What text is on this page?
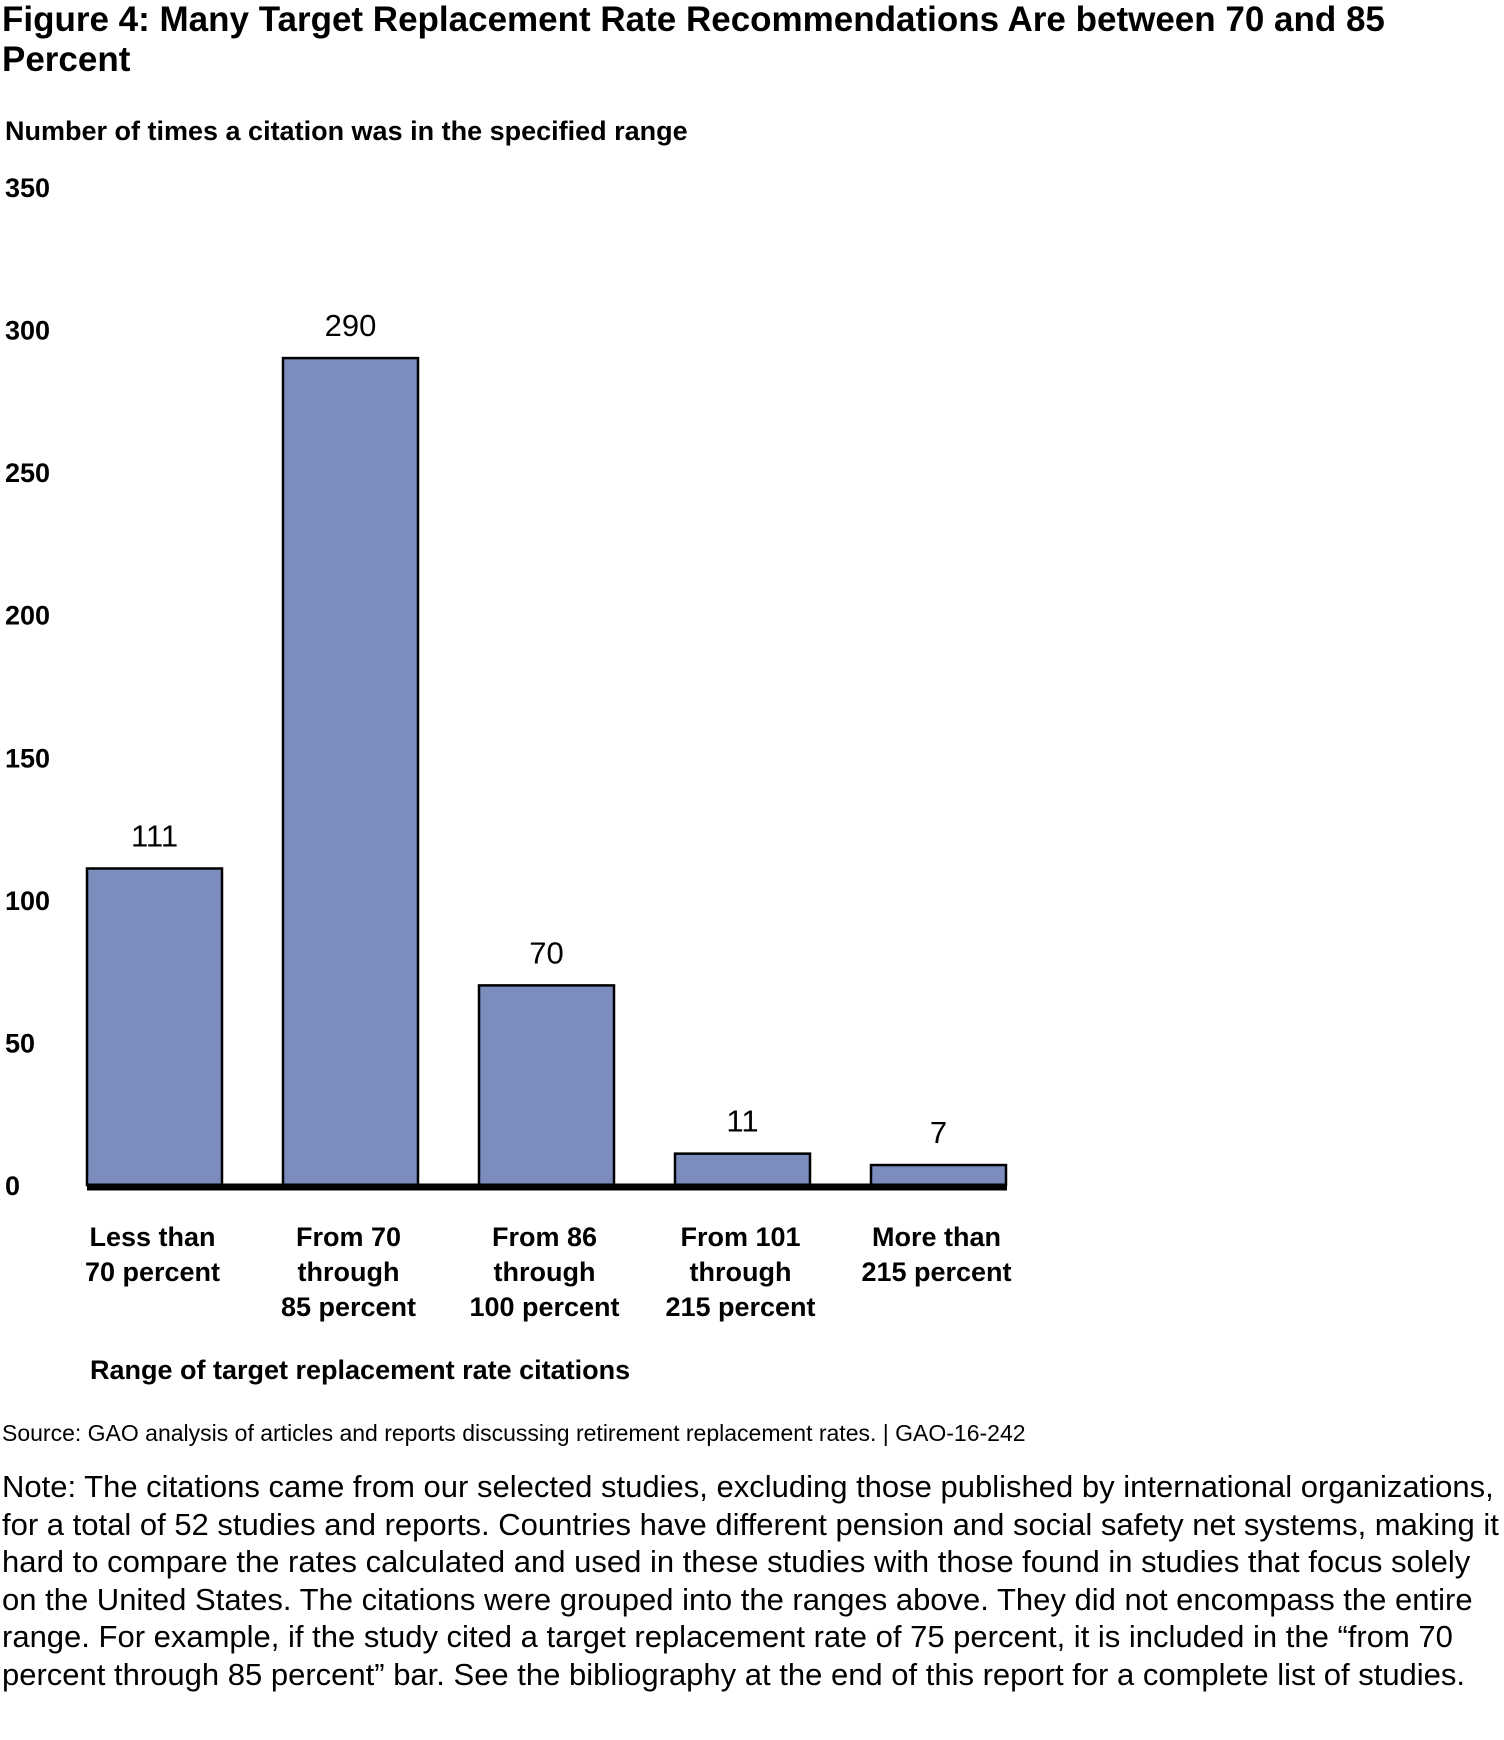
Figure 4: Many Target Replacement Rate Recommendations Are between 70 and 85 Percent
Number of times a citation was in the specified range
0
50
100
150
200
250
300
350
111
Less than 70 percent
290
From 70 through 85 percent
70
From 86 through 100 percent
11
From 101 through 215 percent
7
More than 215 percent
Range of target replacement rate citations
Source: GAO analysis of articles and reports discussing retirement replacement rates. | GAO-16-242

Note: The citations came from our selected studies, excluding those published by international organizations, for a total of 52 studies and reports. Countries have different pension and social safety net systems, making it hard to compare the rates calculated and used in these studies with those found in studies that focus solely on the United States. The citations were grouped into the ranges above. They did not encompass the entire range. For example, if the study cited a target replacement rate of 75 percent, it is included in the “from 70 percent through 85 percent” bar. See the bibliography at the end of this report for a complete list of studies.
